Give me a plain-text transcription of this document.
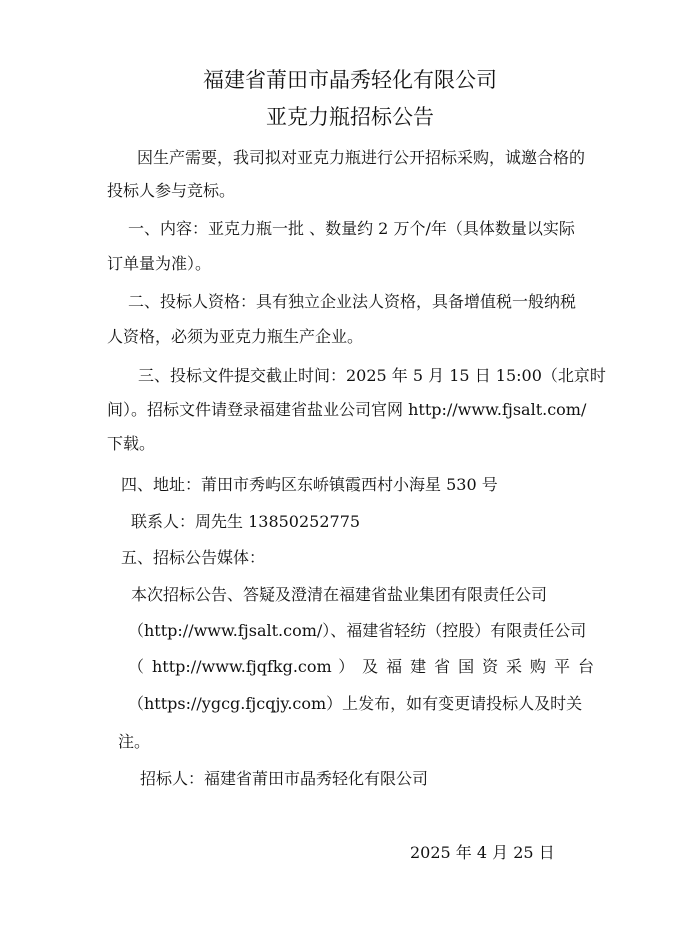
福建省莆田市晶秀轻化有限公司
亚克力瓶招标公告
因生产需要，我司拟对亚克力瓶进行公开招标采购，诚邀合格的
投标人参与竞标。
一、内容：亚克力瓶一批 、数量约 2 万个/年（具体数量以实际
订单量为准）。
二、投标人资格：具有独立企业法人资格，具备增值税一般纳税
人资格，必须为亚克力瓶生产企业。
三、投标文件提交截止时间：2025 年 5 月 15 日 15:00（北京时
间）。招标文件请登录福建省盐业公司官网 http://www.fjsalt.com/
下载。
四、地址：莆田市秀屿区东峤镇霞西村小海星 530 号
联系人：周先生 13850252775
五、招标公告媒体：
本次招标公告、答疑及澄清在福建省盐业集团有限责任公司
（http://www.fjsalt.com/）、福建省轻纺（控股）有限责任公司
（ http://www.fjqfkg.com ） 及 福 建 省 国 资 采 购 平 台
（https://ygcg.fjcqjy.com）上发布，如有变更请投标人及时关
注。
招标人：福建省莆田市晶秀轻化有限公司
2025 年 4 月 25 日
